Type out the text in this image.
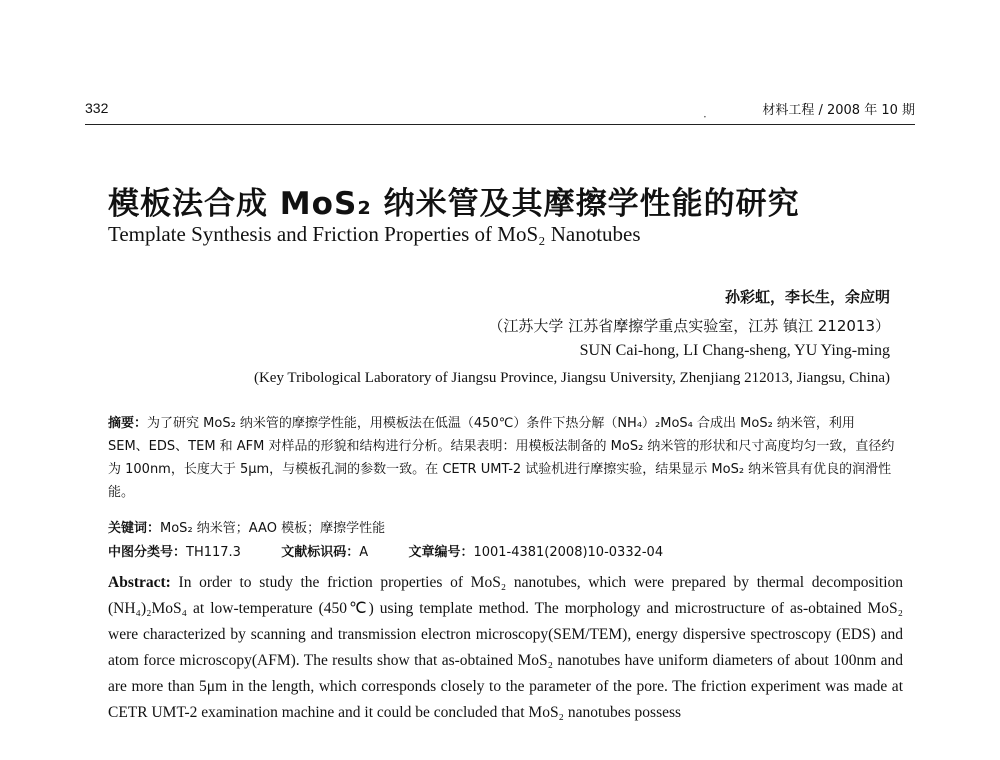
332	材料工程 / 2008 年 10 期
·
模板法合成 MoS₂ 纳米管及其摩擦学性能的研究
Template Synthesis and Friction Properties of MoS₂ Nanotubes
孙彩虹，李长生，余应明
（江苏大学 江苏省摩擦学重点实验室，江苏 镇江 212013）
SUN Cai-hong, LI Chang-sheng, YU Ying-ming
(Key Tribological Laboratory of Jiangsu Province, Jiangsu University, Zhenjiang 212013, Jiangsu, China)
摘要：为了研究 MoS₂ 纳米管的摩擦学性能，用模板法在低温（450℃）条件下热分解（NH₄）₂MoS₄ 合成出 MoS₂ 纳米管，利用 SEM、EDS、TEM 和 AFM 对样品的形貌和结构进行分析。结果表明：用模板法制备的 MoS₂ 纳米管的形状和尺寸高度均匀一致，直径约为 100nm，长度大于 5μm，与模板孔洞的参数一致。在 CETR UMT-2 试验机进行摩擦实验，结果显示 MoS₂ 纳米管具有优良的润滑性能。
关键词：MoS₂ 纳米管；AAO 模板；摩擦学性能
中图分类号：TH117.3	文献标识码：A	文章编号：1001-4381(2008)10-0332-04
Abstract: In order to study the friction properties of MoS₂ nanotubes, which were prepared by thermal decomposition (NH₄)₂MoS₄ at low-temperature (450℃) using template method. The morphology and microstructure of as-obtained MoS₂ were characterized by scanning and transmission electron microscopy(SEM/TEM), energy dispersive spectroscopy (EDS) and atom force microscopy(AFM). The results show that as-obtained MoS₂ nanotubes have uniform diameters of about 100nm and are more than 5μm in the length, which corresponds closely to the parameter of the pore. The friction experiment was made at CETR UMT-2 examination machine and it could be concluded that MoS₂ nanotubes possess
